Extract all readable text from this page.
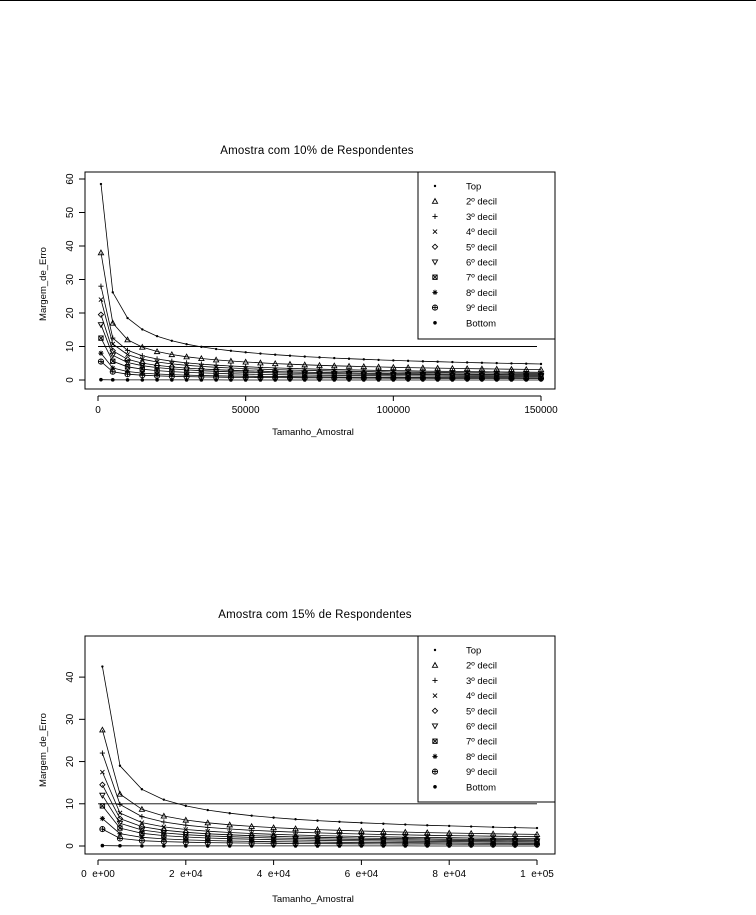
Amostra com 10% de Respondentes
Tamanho_Amostral
Margem_de_Erro
0	50000	100000	150000
0
10
20
30
40
50
60
Top
2º decil
3º decil
4º decil
5º decil
6º decil
7º decil
8º decil
9º decil
Bottom
Amostra com 15% de Respondentes
Tamanho_Amostral
Margem_de_Erro
0  e+00	2  e+04	4  e+04	6  e+04	8  e+04	1  e+05
0
10
20
30
40
Top
2º decil
3º decil
4º decil
5º decil
6º decil
7º decil
8º decil
9º decil
Bottom
